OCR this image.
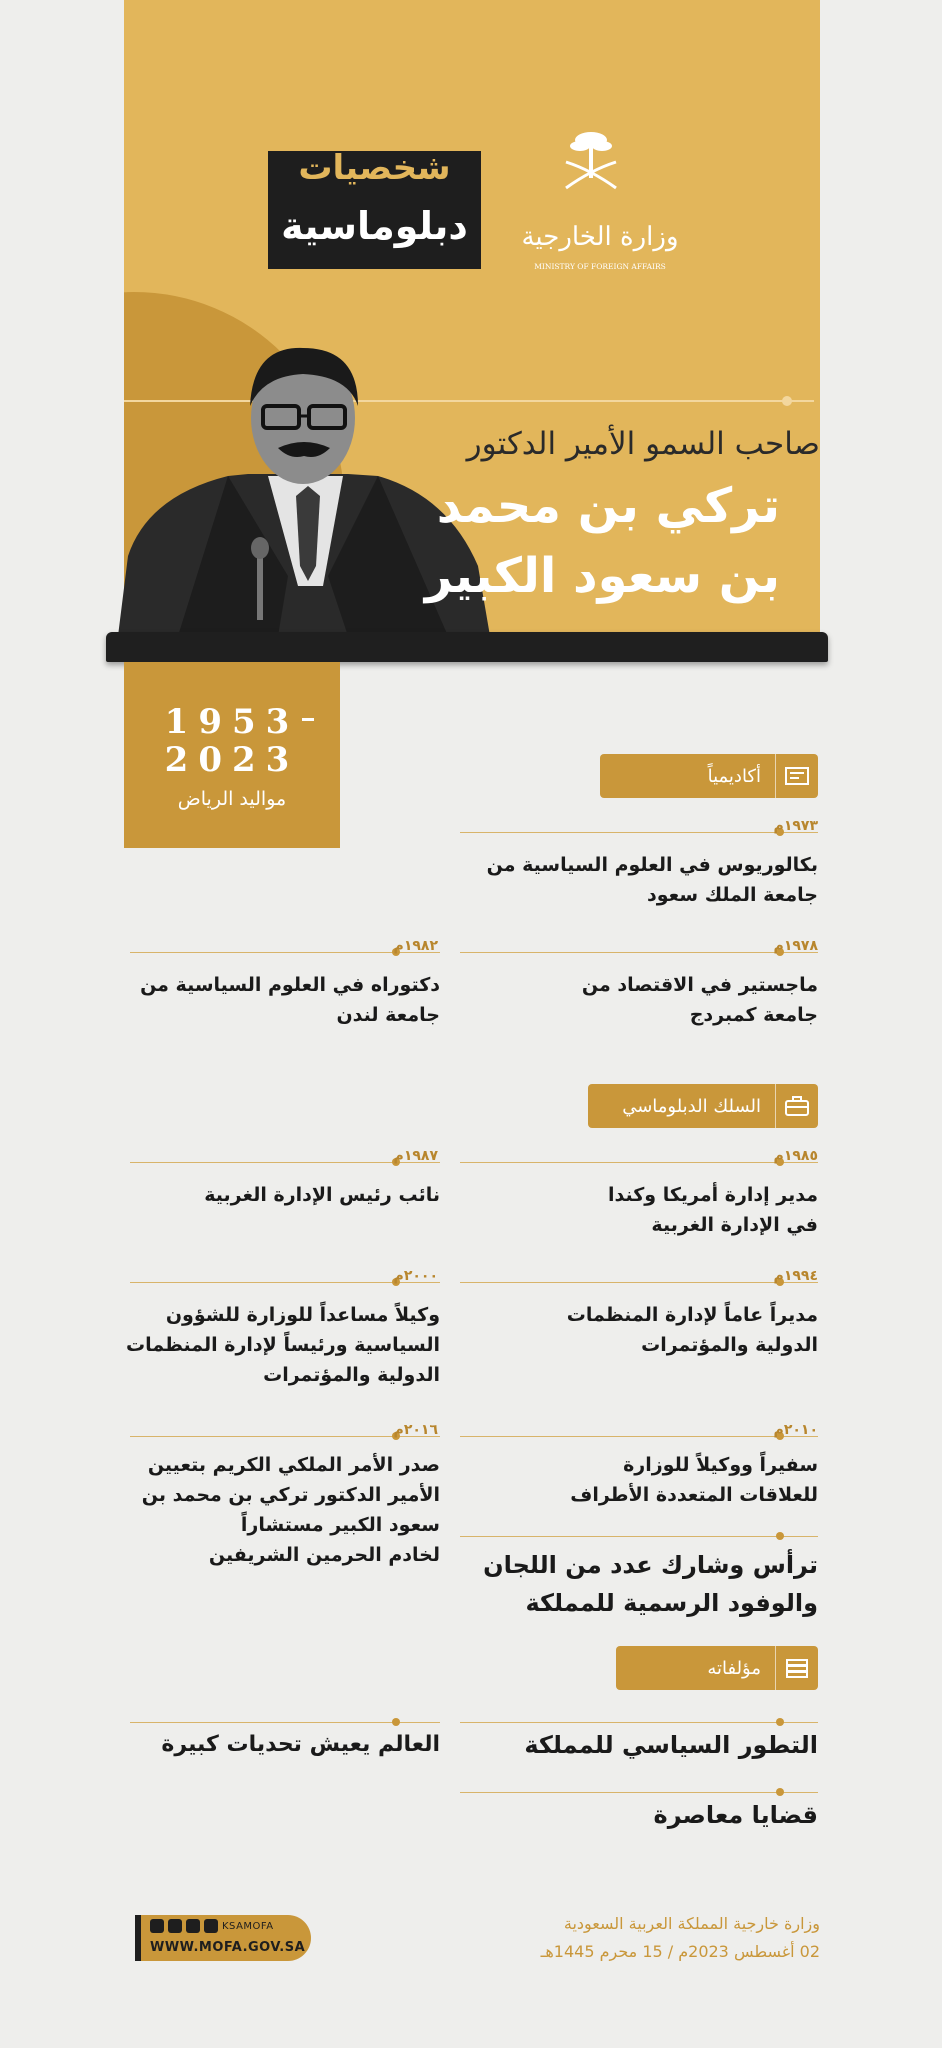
شخصيات
دبلوماسية	وزارة الخارجية
MINISTRY OF FOREIGN AFFAIRS
صاحب السمو الأمير الدكتور
تركي بن محمد
بن سعود الكبير
1953
2023
مواليد الرياض
أكاديمياً
١٩٧٣م
بكالوريوس في العلوم السياسية من
جامعة الملك سعود
١٩٧٨م
ماجستير في الاقتصاد من
جامعة كمبردج
١٩٨٢م
دكتوراه في العلوم السياسية من
جامعة لندن
السلك الدبلوماسي
١٩٨٥م
مدير إدارة أمريكا وكندا
في الإدارة الغربية
١٩٨٧م
نائب رئيس الإدارة الغربية
١٩٩٤م
مديراً عاماً لإدارة المنظمات
الدولية والمؤتمرات
٢٠٠٠م
وكيلاً مساعداً للوزارة للشؤون
السياسية ورئيساً لإدارة المنظمات
الدولية والمؤتمرات
٢٠١٠م
سفيراً ووكيلاً للوزارة
للعلاقات المتعددة الأطراف
٢٠١٦م
صدر الأمر الملكي الكريم بتعيين
الأمير الدكتور تركي بن محمد بن
سعود الكبير مستشاراً
لخادم الحرمين الشريفين	ترأس وشارك عدد من اللجان
والوفود الرسمية للمملكة
مؤلفاته
التطور السياسي للمملكة
العالم يعيش تحديات كبيرة
قضايا معاصرة
KSAMOFA
WWW.MOFA.GOV.SA
وزارة خارجية المملكة العربية السعودية
02 أغسطس 2023م / 15 محرم 1445هـ
